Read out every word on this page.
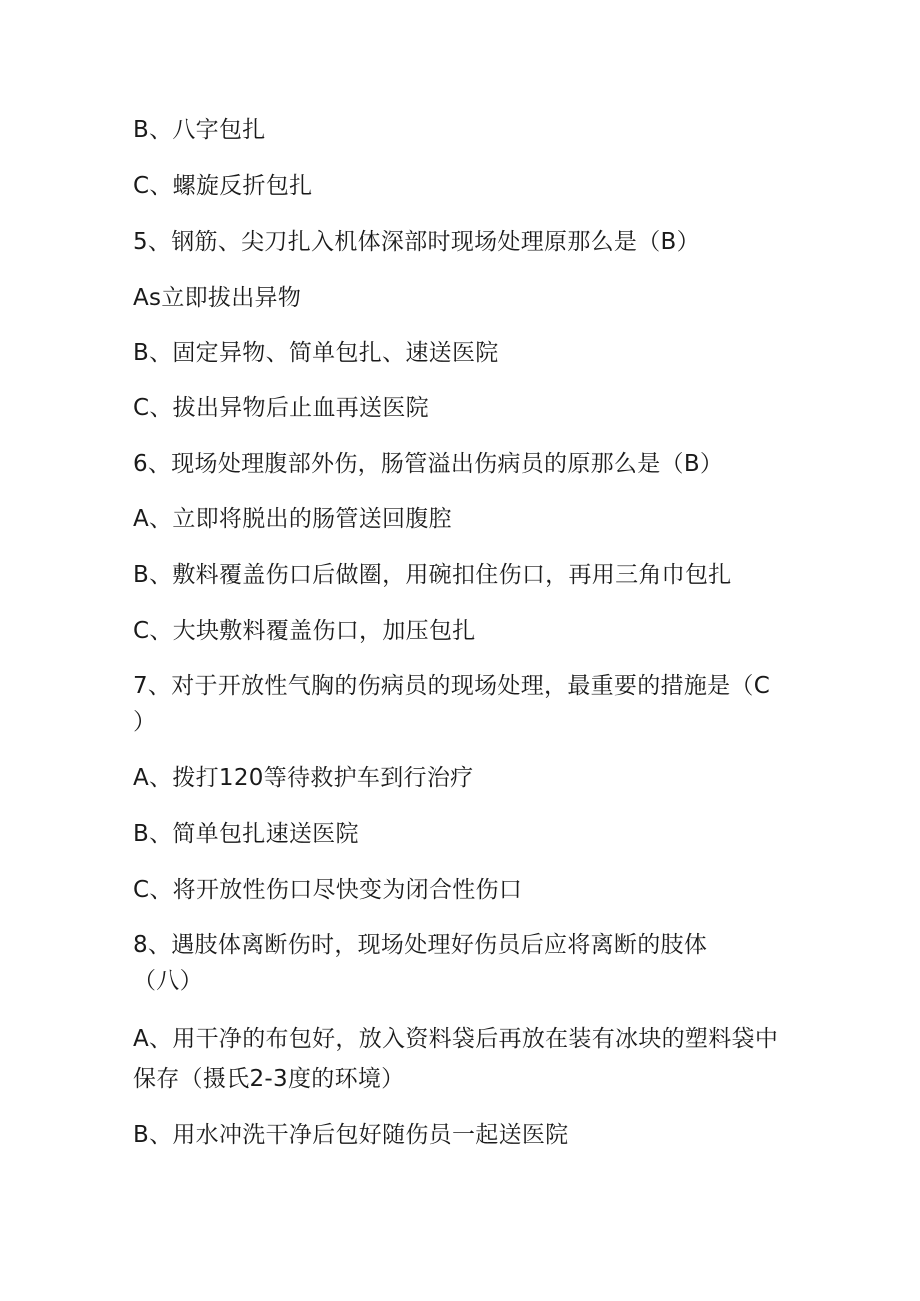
B、八字包扎
C、螺旋反折包扎
5、钢筋、尖刀扎入机体深部时现场处理原那么是（B）
As立即拔出异物
B、固定异物、简单包扎、速送医院
C、拔出异物后止血再送医院
6、现场处理腹部外伤，肠管溢出伤病员的原那么是（B）
A、立即将脱出的肠管送回腹腔
B、敷料覆盖伤口后做圈，用碗扣住伤口，再用三角巾包扎
C、大块敷料覆盖伤口，加压包扎
7、对于开放性气胸的伤病员的现场处理，最重要的措施是（C
）
A、拨打120等待救护车到行治疗
B、简单包扎速送医院
C、将开放性伤口尽快变为闭合性伤口
8、遇肢体离断伤时，现场处理好伤员后应将离断的肢体
（八）
A、用干净的布包好，放入资料袋后再放在装有冰块的塑料袋中
保存（摄氏2-3度的环境）
B、用水冲洗干净后包好随伤员一起送医院
